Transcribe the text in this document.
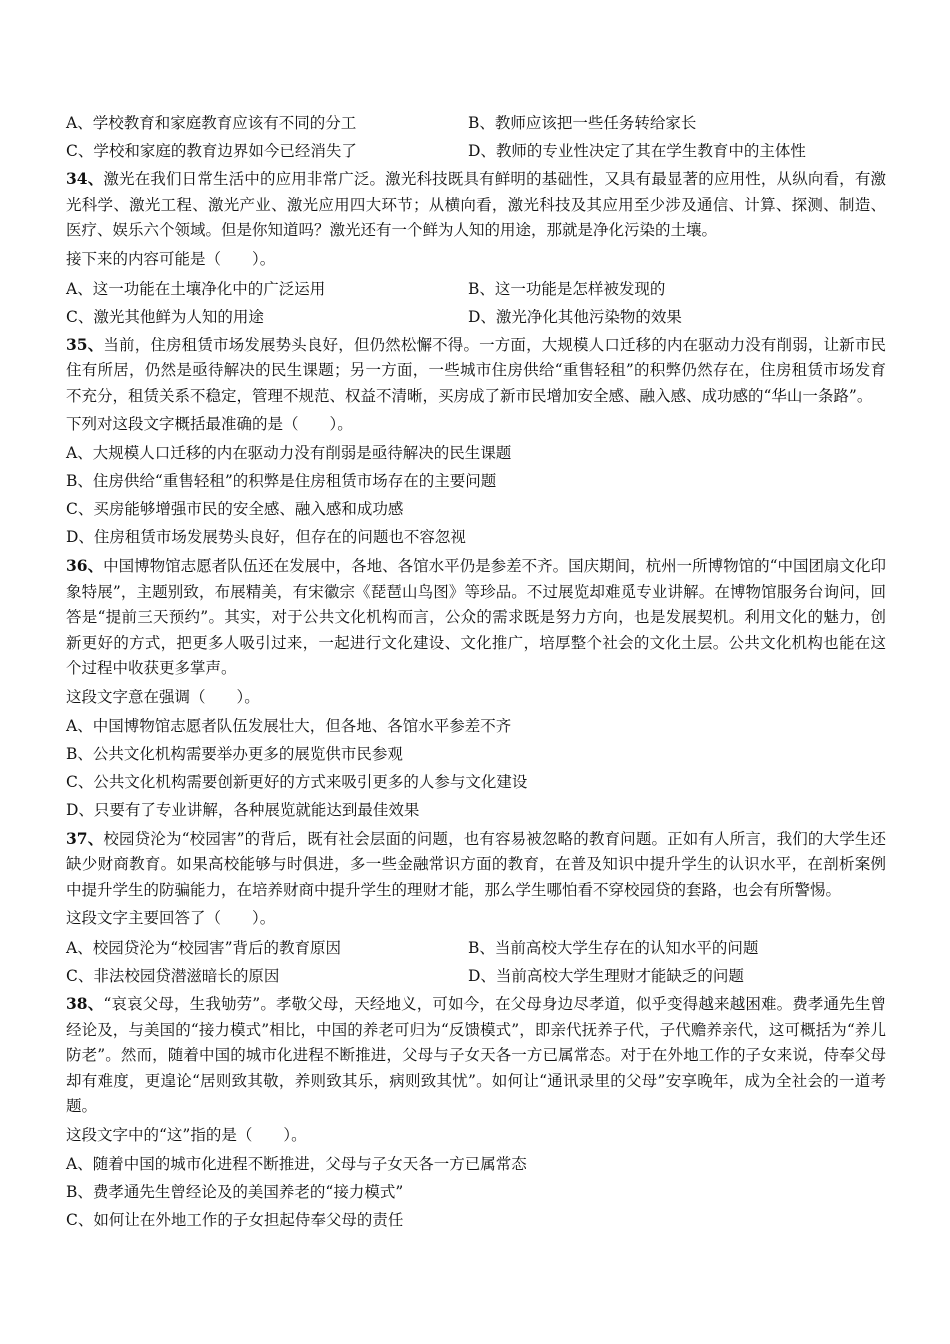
A、学校教育和家庭教育应该有不同的分工	B、教师应该把一些任务转给家长
C、学校和家庭的教育边界如今已经消失了	D、教师的专业性决定了其在学生教育中的主体性
34、激光在我们日常生活中的应用非常广泛。激光科技既具有鲜明的基础性，又具有最显著的应用性，从纵向看，有激光科学、激光工程、激光产业、激光应用四大环节；从横向看，激光科技及其应用至少涉及通信、计算、探测、制造、医疗、娱乐六个领域。但是你知道吗？激光还有一个鲜为人知的用途，那就是净化污染的土壤。
接下来的内容可能是（　　）。
A、这一功能在土壤净化中的广泛运用	B、这一功能是怎样被发现的
C、激光其他鲜为人知的用途	D、激光净化其他污染物的效果
35、当前，住房租赁市场发展势头良好，但仍然松懈不得。一方面，大规模人口迁移的内在驱动力没有削弱，让新市民住有所居，仍然是亟待解决的民生课题；另一方面，一些城市住房供给“重售轻租”的积弊仍然存在，住房租赁市场发育不充分，租赁关系不稳定，管理不规范、权益不清晰，买房成了新市民增加安全感、融入感、成功感的“华山一条路”。
下列对这段文字概括最准确的是（　　）。
A、大规模人口迁移的内在驱动力没有削弱是亟待解决的民生课题
B、住房供给“重售轻租”的积弊是住房租赁市场存在的主要问题
C、买房能够增强市民的安全感、融入感和成功感
D、住房租赁市场发展势头良好，但存在的问题也不容忽视
36、中国博物馆志愿者队伍还在发展中，各地、各馆水平仍是参差不齐。国庆期间，杭州一所博物馆的“中国团扇文化印象特展”，主题别致，布展精美，有宋徽宗《琵琶山鸟图》等珍品。不过展览却难觅专业讲解。在博物馆服务台询问，回答是“提前三天预约”。其实，对于公共文化机构而言，公众的需求既是努力方向，也是发展契机。利用文化的魅力，创新更好的方式，把更多人吸引过来，一起进行文化建设、文化推广，培厚整个社会的文化土层。公共文化机构也能在这个过程中收获更多掌声。
这段文字意在强调（　　）。
A、中国博物馆志愿者队伍发展壮大，但各地、各馆水平参差不齐
B、公共文化机构需要举办更多的展览供市民参观
C、公共文化机构需要创新更好的方式来吸引更多的人参与文化建设
D、只要有了专业讲解，各种展览就能达到最佳效果
37、校园贷沦为“校园害”的背后，既有社会层面的问题，也有容易被忽略的教育问题。正如有人所言，我们的大学生还缺少财商教育。如果高校能够与时俱进，多一些金融常识方面的教育，在普及知识中提升学生的认识水平，在剖析案例中提升学生的防骗能力，在培养财商中提升学生的理财才能，那么学生哪怕看不穿校园贷的套路，也会有所警惕。
这段文字主要回答了（　　）。
A、校园贷沦为“校园害”背后的教育原因	B、当前高校大学生存在的认知水平的问题
C、非法校园贷潜滋暗长的原因	D、当前高校大学生理财才能缺乏的问题
38、“哀哀父母，生我劬劳”。孝敬父母，天经地义，可如今，在父母身边尽孝道，似乎变得越来越困难。费孝通先生曾经论及，与美国的“接力模式”相比，中国的养老可归为“反馈模式”，即亲代抚养子代，子代赡养亲代，这可概括为“养儿防老”。然而，随着中国的城市化进程不断推进，父母与子女天各一方已属常态。对于在外地工作的子女来说，侍奉父母却有难度，更遑论“居则致其敬，养则致其乐，病则致其忧”。如何让“通讯录里的父母”安享晚年，成为全社会的一道考题。
这段文字中的“这”指的是（　　）。
A、随着中国的城市化进程不断推进，父母与子女天各一方已属常态
B、费孝通先生曾经论及的美国养老的“接力模式”
C、如何让在外地工作的子女担起侍奉父母的责任
